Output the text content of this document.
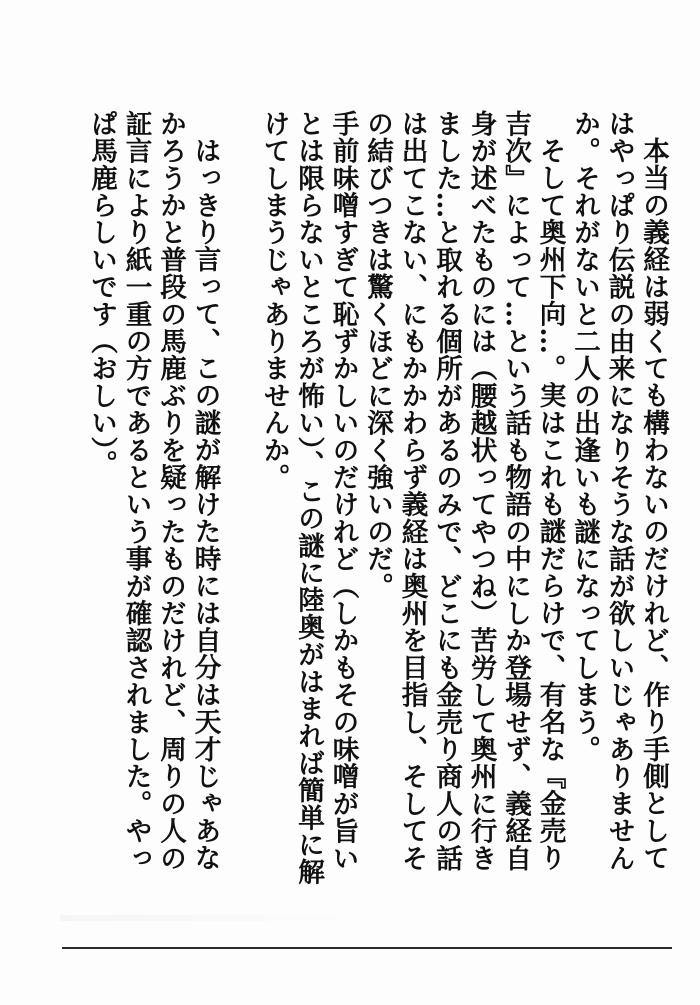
本当の義経は弱くても構わないのだけれど、作り手側としてはやっぱり伝説の由来になりそうな話が欲しいじゃありませんか。それがないと二人の出逢いも謎になってしまう。

そして奥州下向…。実はこれも謎だらけで、有名な『金売り吉次』によって…という話も物語の中にしか登場せず、義経自身が述べたものには（腰越状ってやつね）苦労して奥州に行きました…と取れる個所があるのみで、どこにも金売り商人の話は出てこない、にもかかわらず義経は奥州を目指し、そしてその結びつきは驚くほどに深く強いのだ。

手前味噌すぎて恥ずかしいのだけれど（しかもその味噌が旨いとは限らないところが怖い）、この謎に陸奥がはまれば簡単に解けてしまうじゃありませんか。

はっきり言って、この謎が解けた時には自分は天才じゃあなかろうかと普段の馬鹿ぶりを疑ったものだけれど、周りの人の証言により紙一重の方であるという事が確認されました。やっぱ馬鹿らしいです（おしい）。
